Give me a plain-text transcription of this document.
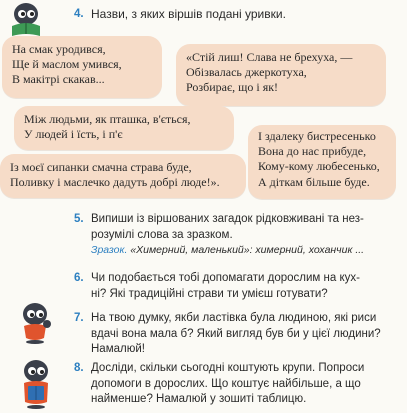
4. Назви, з яких віршів подані уривки.
На смак уродився,
Ще й маслом умився,
В макітрі скакав...
«Стій лиш! Слава не брехуха, —
Обізвалась джеркотуха,
Розбирає, що і як!
Між людьми, як пташка, в'ється,
У людей і їсть, і п'є	І здалеку бистресенько
Вона до нас прибуде,
Кому-кому любесенько,
А діткам більше буде.
Із моєї сипанки смачна страва буде,
Поливку і маслечко дадуть добрі люде!».
5. Випиши із віршованих загадок рідковживані та нез-
розумілі слова за зразком.
Зразок. «Химерний, маленький»: химерний, хоханчик ...
6. Чи подобається тобі допомагати дорослим на кух-
ні? Які традиційні страви ти умієш готувати?
7. На твою думку, якби ластівка була людиною, які риси
вдачі вона мала б? Який вигляд був би у цієї людини?
Намалюй!
8. Досліди, скільки сьогодні коштують крупи. Попроси
допомоги в дорослих. Що коштує найбільше, а що
найменше? Намалюй у зошиті таблицю.
